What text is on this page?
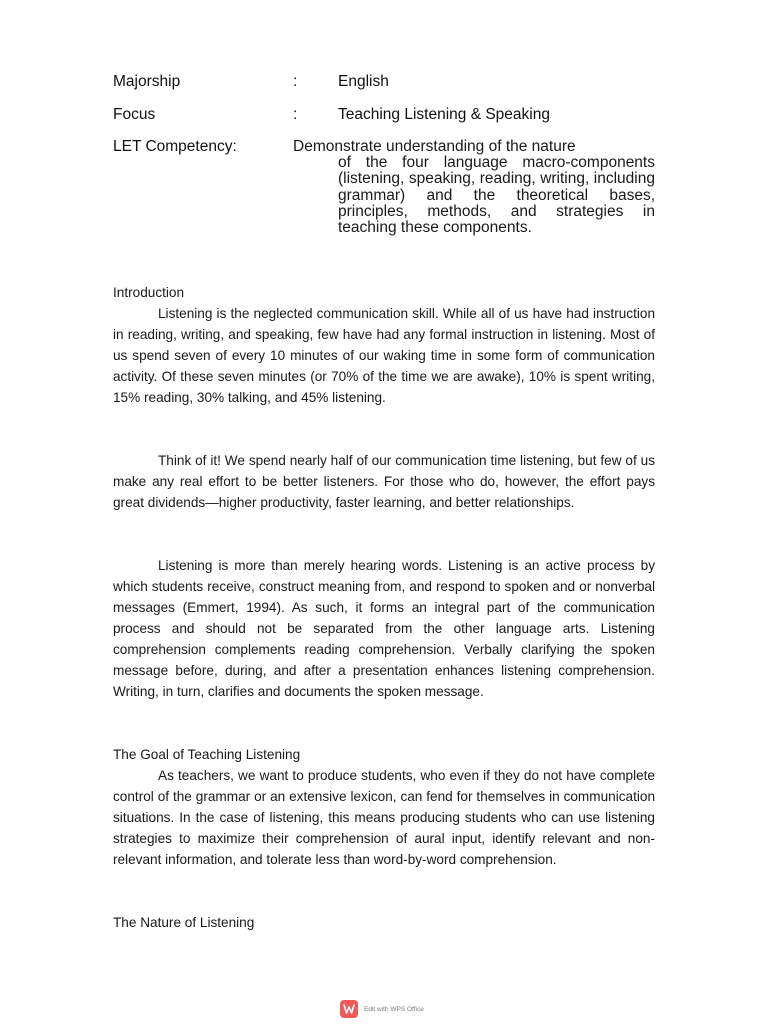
Majorship	:	English
Focus	:	Teaching Listening & Speaking
LET Competency:	Demonstrate understanding of the nature
of the four language macro-components (listening, speaking, reading, writing, including grammar) and the theoretical bases, principles, methods, and strategies in teaching these components.
Introduction
Listening is the neglected communication skill. While all of us have had instruction in reading, writing, and speaking, few have had any formal instruction in listening. Most of us spend seven of every 10 minutes of our waking time in some form of communication activity. Of these seven minutes (or 70% of the time we are awake), 10% is spent writing, 15% reading, 30% talking, and 45% listening.
Think of it! We spend nearly half of our communication time listening, but few of us make any real effort to be better listeners. For those who do, however, the effort pays great dividends—higher productivity, faster learning, and better relationships.
Listening is more than merely hearing words. Listening is an active process by which students receive, construct meaning from, and respond to spoken and or nonverbal messages (Emmert, 1994). As such, it forms an integral part of the communication process and should not be separated from the other language arts. Listening comprehension complements reading comprehension. Verbally clarifying the spoken message before, during, and after a presentation enhances listening comprehension. Writing, in turn, clarifies and documents the spoken message.
The Goal of Teaching Listening
As teachers, we want to produce students, who even if they do not have complete control of the grammar or an extensive lexicon, can fend for themselves in communication situations. In the case of listening, this means producing students who can use listening strategies to maximize their comprehension of aural input, identify relevant and non-relevant information, and tolerate less than word-by-word comprehension.
The Nature of Listening
Edit with WPS Office
